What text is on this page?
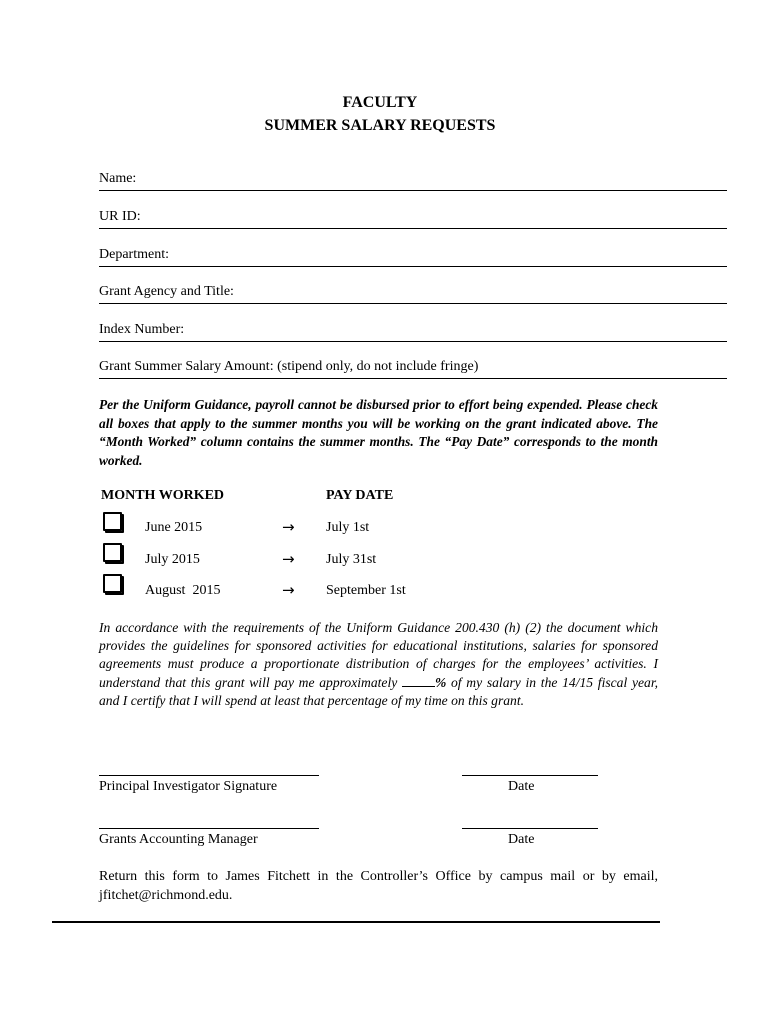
FACULTY
SUMMER SALARY REQUESTS
Name:
UR ID:
Department:
Grant Agency and Title:
Index Number:
Grant Summer Salary Amount: (stipend only, do not include fringe)

Per the Uniform Guidance, payroll cannot be disbursed prior to effort being expended. Please check all boxes that apply to the summer months you will be working on the grant indicated above. The “Month Worked” column contains the summer months. The “Pay Date” corresponds to the month worked.

MONTH WORKED	PAY DATE
June 2015	→ July 1st
July 2015	→ July 31st
August  2015	→ September 1st

In accordance with the requirements of the Uniform Guidance 200.430 (h) (2) the document which provides the guidelines for sponsored activities for educational institutions, salaries for sponsored agreements must produce a proportionate distribution of charges for the employees’ activities. I understand that this grant will pay me approximately % of my salary in the 14/15 fiscal year, and I certify that I will spend at least that percentage of my time on this grant.

Principal Investigator Signature	Date
Grants Accounting Manager	Date

Return this form to James Fitchett in the Controller’s Office by campus mail or by email, jfitchet@richmond.edu.
